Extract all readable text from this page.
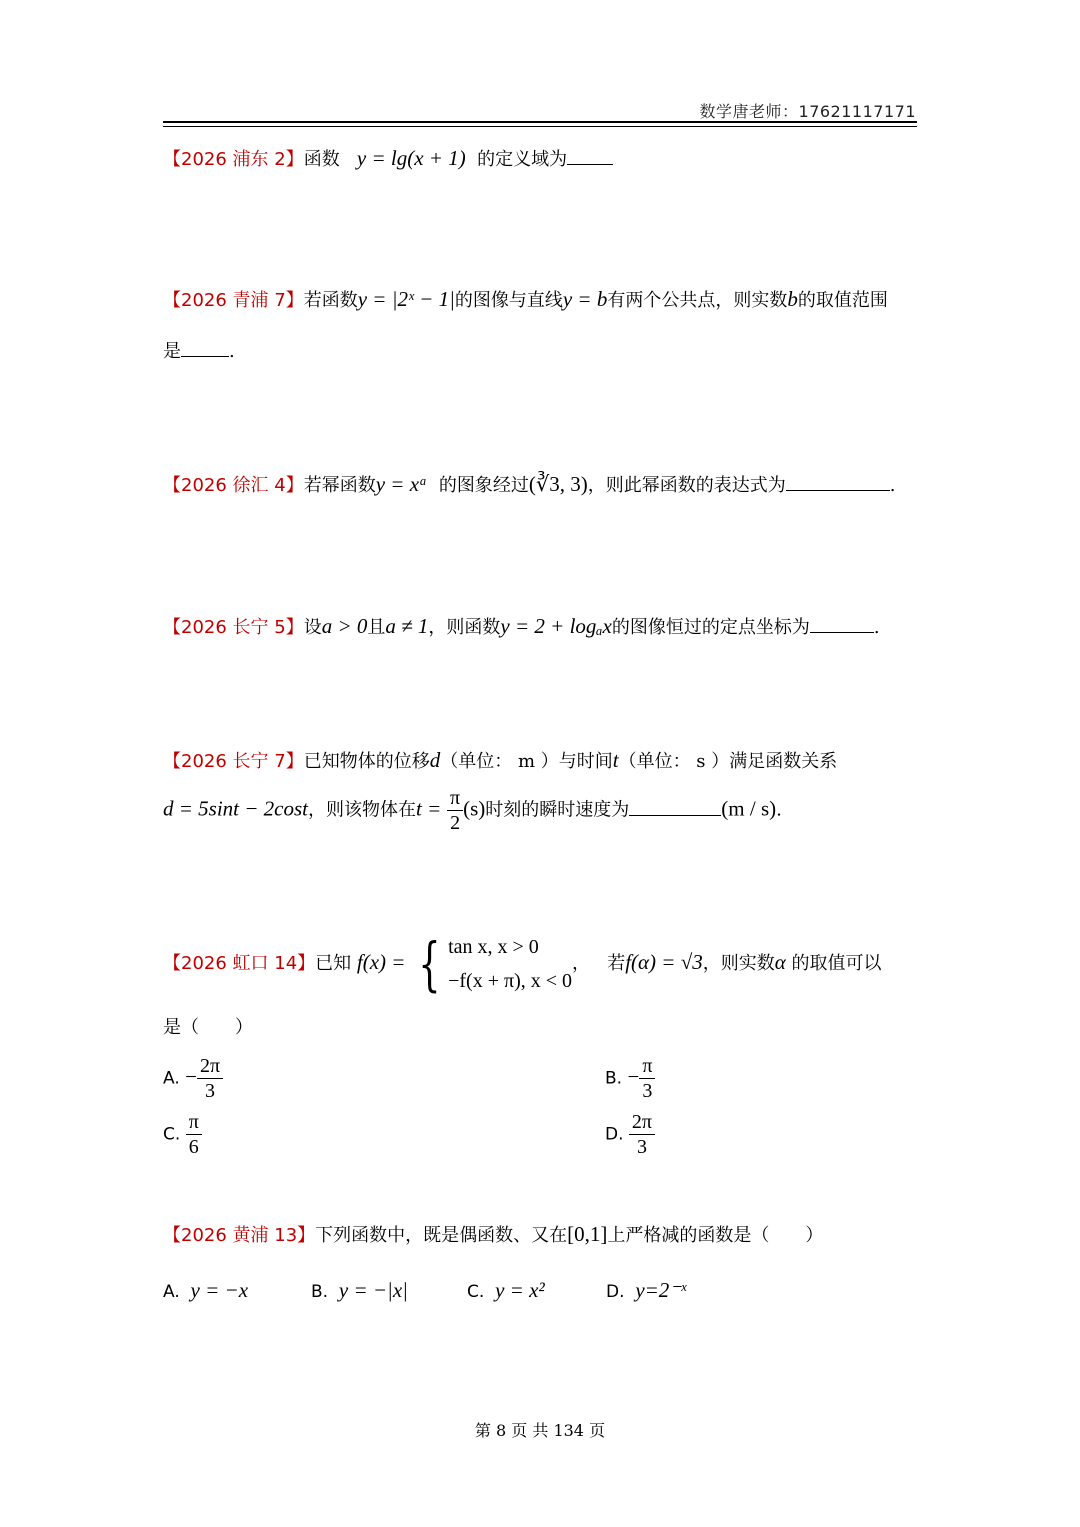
数学唐老师：17621117171
【2026 浦东 2】函数 y = lg(x + 1) 的定义域为
【2026 青浦 7】若函数y = |2ˣ − 1|的图像与直线y = b有两个公共点，则实数b的取值范围
是	.
【2026 徐汇 4】若幂函数y = xᵃ 的图象经过(∛3, 3)，则此幂函数的表达式为	.
【2026 长宁 5】设a > 0且a ≠ 1，则函数y = 2 + logₐx的图像恒过的定点坐标为	.
【2026 长宁 7】已知物体的位移d（单位： m ）与时间t（单位： s ）满足函数关系
d = 5sint − 2cost，则该物体在$t = \frac{\pi}{2} (s)$时刻的瞬时速度为	(m / s).
【2026 虹口 14】已知 f(x) = { tan x, x > 0
−f(x + π), x < 0
， 若f(α) = √3，则实数α 的取值可以
是（　　）
A. − $\frac{2\pi}{3}$	B. − $\frac{\pi}{3}$
C. $\frac{\pi}{6}$	D. $\frac{2\pi}{3}$
【2026 黄浦 13】下列函数中，既是偶函数、又在[0,1]上严格减的函数是（　　）
A. y = −x	B. y = −|x|	C. y = x²	D. y=2⁻ˣ
第 8 页 共 134 页
